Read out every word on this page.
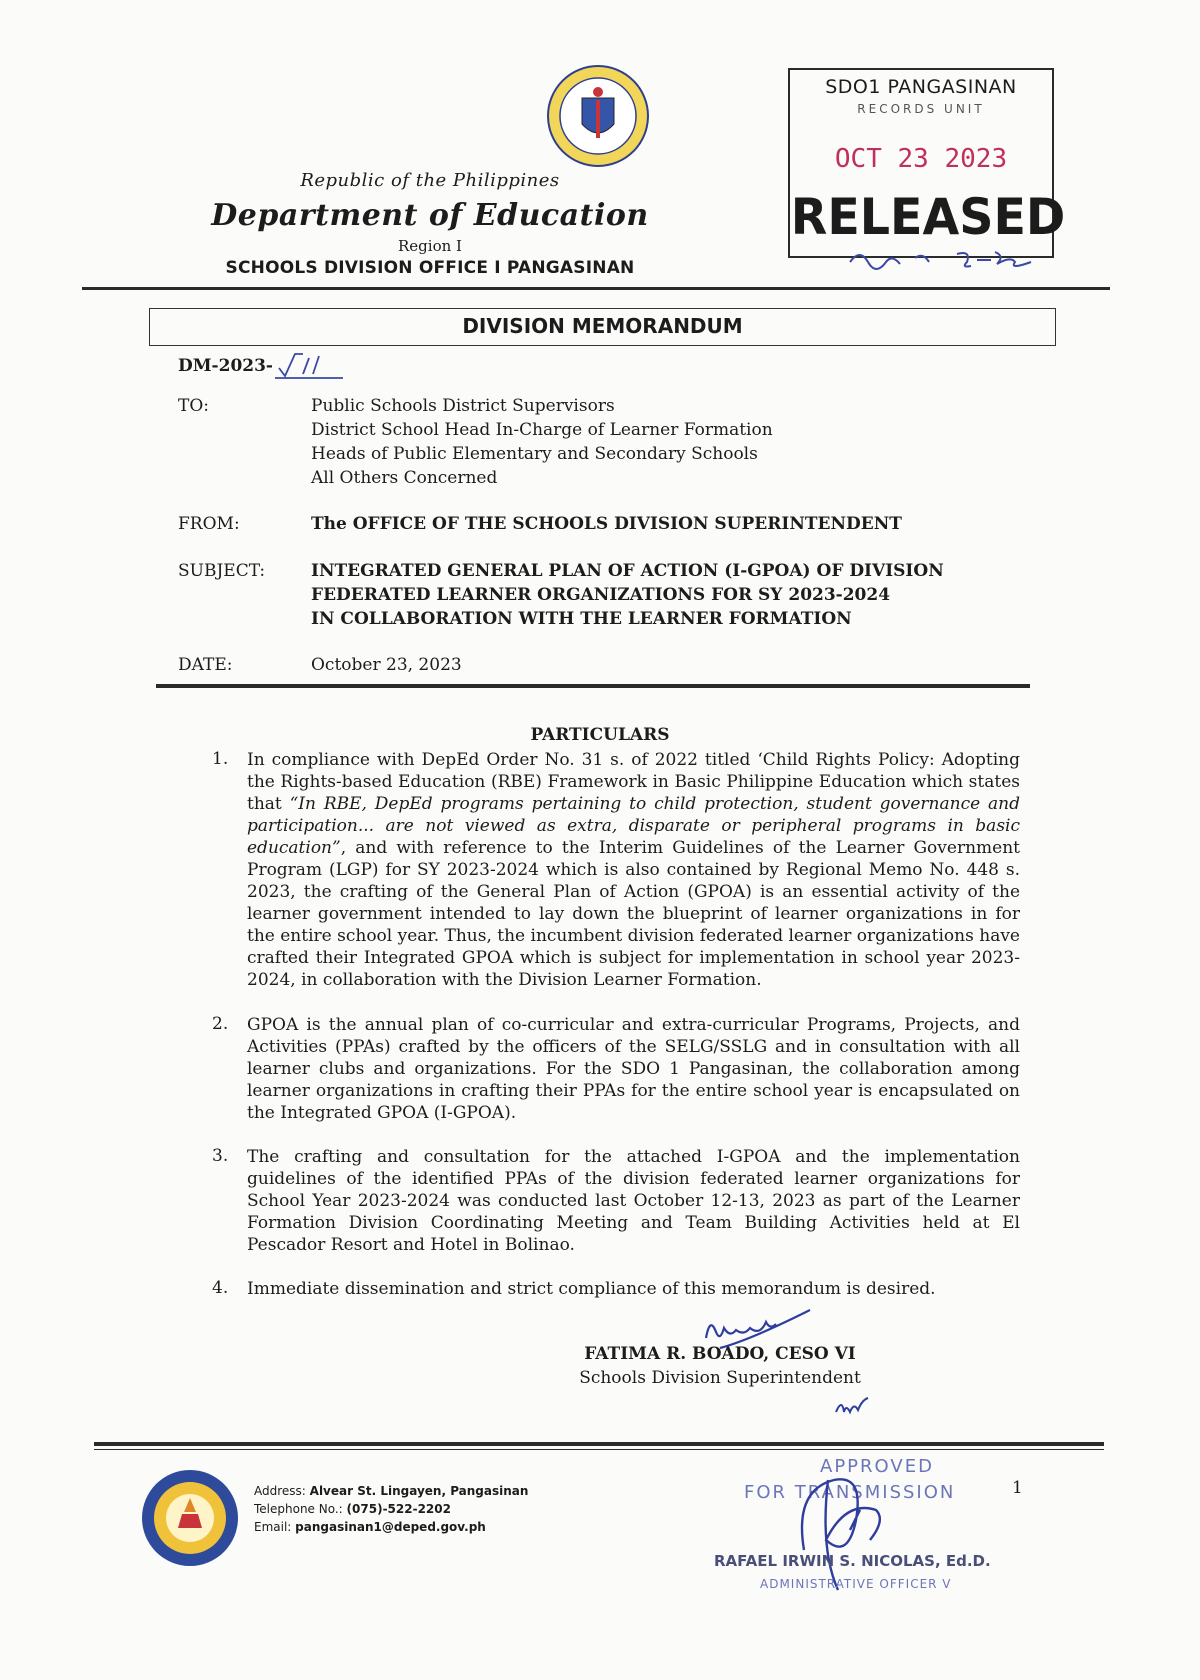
Republic of the Philippines
Department of Education
Region I
SCHOOLS DIVISION OFFICE I PANGASINAN
SDO1 PANGASINAN
RECORDS UNIT
OCT 23 2023
RELEASED
DIVISION MEMORANDUM
DM-2023-
TO:	Public Schools District Supervisors
District School Head In-Charge of Learner Formation
Heads of Public Elementary and Secondary Schools
All Others Concerned
FROM:	The OFFICE OF THE SCHOOLS DIVISION SUPERINTENDENT
SUBJECT:	INTEGRATED GENERAL PLAN OF ACTION (I-GPOA) OF DIVISION
FEDERATED LEARNER ORGANIZATIONS FOR SY 2023-2024
IN COLLABORATION WITH THE LEARNER FORMATION
DATE:	October 23, 2023
PARTICULARS
1. In compliance with DepEd Order No. 31 s. of 2022 titled ‘Child Rights Policy: Adopting the Rights-based Education (RBE) Framework in Basic Philippine Education which states that “In RBE, DepEd programs pertaining to child protection, student governance and participation... are not viewed as extra, disparate or peripheral programs in basic education”, and with reference to the Interim Guidelines of the Learner Government Program (LGP) for SY 2023-2024 which is also contained by Regional Memo No. 448 s. 2023, the crafting of the General Plan of Action (GPOA) is an essential activity of the learner government intended to lay down the blueprint of learner organizations in for the entire school year. Thus, the incumbent division federated learner organizations have crafted their Integrated GPOA which is subject for implementation in school year 2023-2024, in collaboration with the Division Learner Formation.
2. GPOA is the annual plan of co-curricular and extra-curricular Programs, Projects, and Activities (PPAs) crafted by the officers of the SELG/SSLG and in consultation with all learner clubs and organizations. For the SDO 1 Pangasinan, the collaboration among learner organizations in crafting their PPAs for the entire school year is encapsulated on the Integrated GPOA (I-GPOA).
3. The crafting and consultation for the attached I-GPOA and the implementation guidelines of the identified PPAs of the division federated learner organizations for School Year 2023-2024 was conducted last October 12-13, 2023 as part of the Learner Formation Division Coordinating Meeting and Team Building Activities held at El Pescador Resort and Hotel in Bolinao.
4. Immediate dissemination and strict compliance of this memorandum is desired.
FATIMA R. BOADO, CESO VI
Schools Division Superintendent
Address: Alvear St. Lingayen, Pangasinan
Telephone No.: (075)-522-2202
Email: pangasinan1@deped.gov.ph
APPROVED
FOR TRANSMISSION
RAFAEL IRWIN S. NICOLAS, Ed.D.
ADMINISTRATIVE OFFICER V
1
